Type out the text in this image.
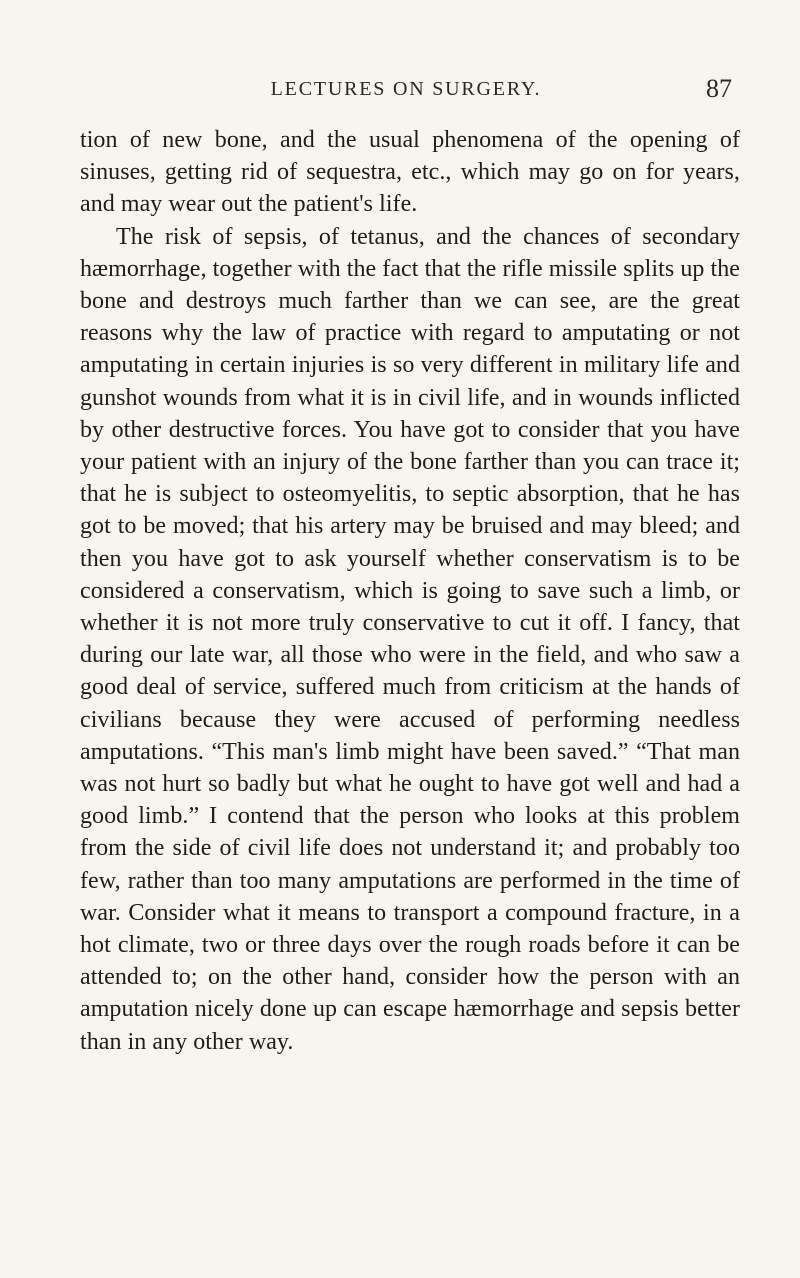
LECTURES ON SURGERY.	87

tion of new bone, and the usual phenomena of the opening of sinuses, getting rid of sequestra, etc., which may go on for years, and may wear out the patient's life.

The risk of sepsis, of tetanus, and the chances of secondary hæmorrhage, together with the fact that the rifle missile splits up the bone and destroys much farther than we can see, are the great reasons why the law of practice with regard to amputating or not amputating in certain injuries is so very different in military life and gunshot wounds from what it is in civil life, and in wounds inflicted by other destructive forces. You have got to consider that you have your patient with an injury of the bone farther than you can trace it; that he is subject to osteomyelitis, to septic absorption, that he has got to be moved; that his artery may be bruised and may bleed; and then you have got to ask yourself whether conservatism is to be considered a conservatism, which is going to save such a limb, or whether it is not more truly conservative to cut it off. I fancy, that during our late war, all those who were in the field, and who saw a good deal of service, suffered much from criticism at the hands of civilians because they were accused of performing needless amputations. “This man's limb might have been saved.” “That man was not hurt so badly but what he ought to have got well and had a good limb.” I contend that the person who looks at this problem from the side of civil life does not understand it; and probably too few, rather than too many amputations are performed in the time of war. Consider what it means to transport a compound fracture, in a hot climate, two or three days over the rough roads before it can be attended to; on the other hand, consider how the person with an amputation nicely done up can escape hæmorrhage and sepsis better than in any other way.
